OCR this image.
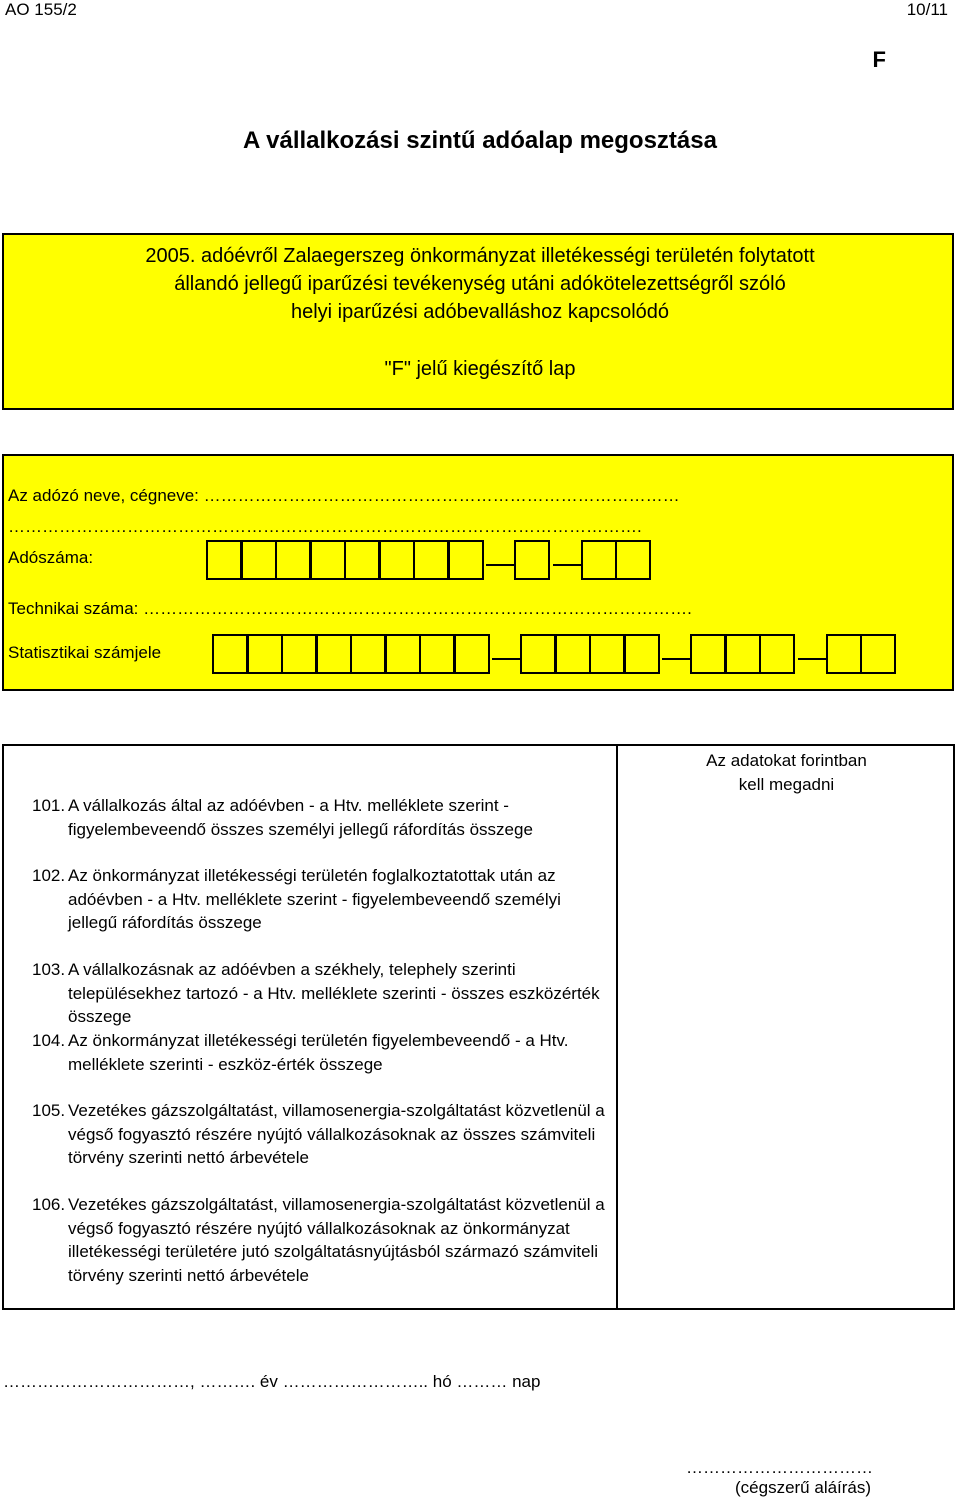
AO 155/2	10/11
F
A vállalkozási szintű adóalap megosztása
2005. adóévről Zalaegerszeg önkormányzat illetékességi területén folytatott
állandó jellegű iparűzési tevékenység utáni adókötelezettségről szóló
helyi iparűzési adóbevalláshoz kapcsolódó
"F" jelű kiegészítő lap
Az adózó neve, cégneve: …………………………………………………………………………
………………………………………………………………………………………………….
Adószáma:
Technikai száma: …………………………………………………………………………………….
Statisztikai számjele
Az adatokat forintban
kell megadni
101. A vállalkozás által az adóévben - a Htv. melléklete szerint - figyelembeveendő összes személyi jellegű ráfordítás összege
102. Az önkormányzat illetékességi területén foglalkoztatottak után az adóévben - a Htv. melléklete szerint - figyelembeveendő személyi jellegű ráfordítás összege
103. A vállalkozásnak az adóévben a székhely, telephely szerinti településekhez tartozó - a Htv. melléklete szerinti - összes eszközérték összege
104. Az önkormányzat illetékességi területén figyelembeveendő - a Htv. melléklete szerinti - eszköz-érték összege
105. Vezetékes gázszolgáltatást, villamosenergia-szolgáltatást közvetlenül a végső fogyasztó részére nyújtó vállalkozásoknak az összes számviteli törvény szerinti nettó árbevétele
106. Vezetékes gázszolgáltatást, villamosenergia-szolgáltatást közvetlenül a végső fogyasztó részére nyújtó vállalkozásoknak az önkormányzat illetékességi területére jutó szolgáltatásnyújtásból származó számviteli törvény szerinti nettó árbevétele
……………………………, ………. év …………………….. hó ……… nap
……………………………
(cégszerű aláírás)
